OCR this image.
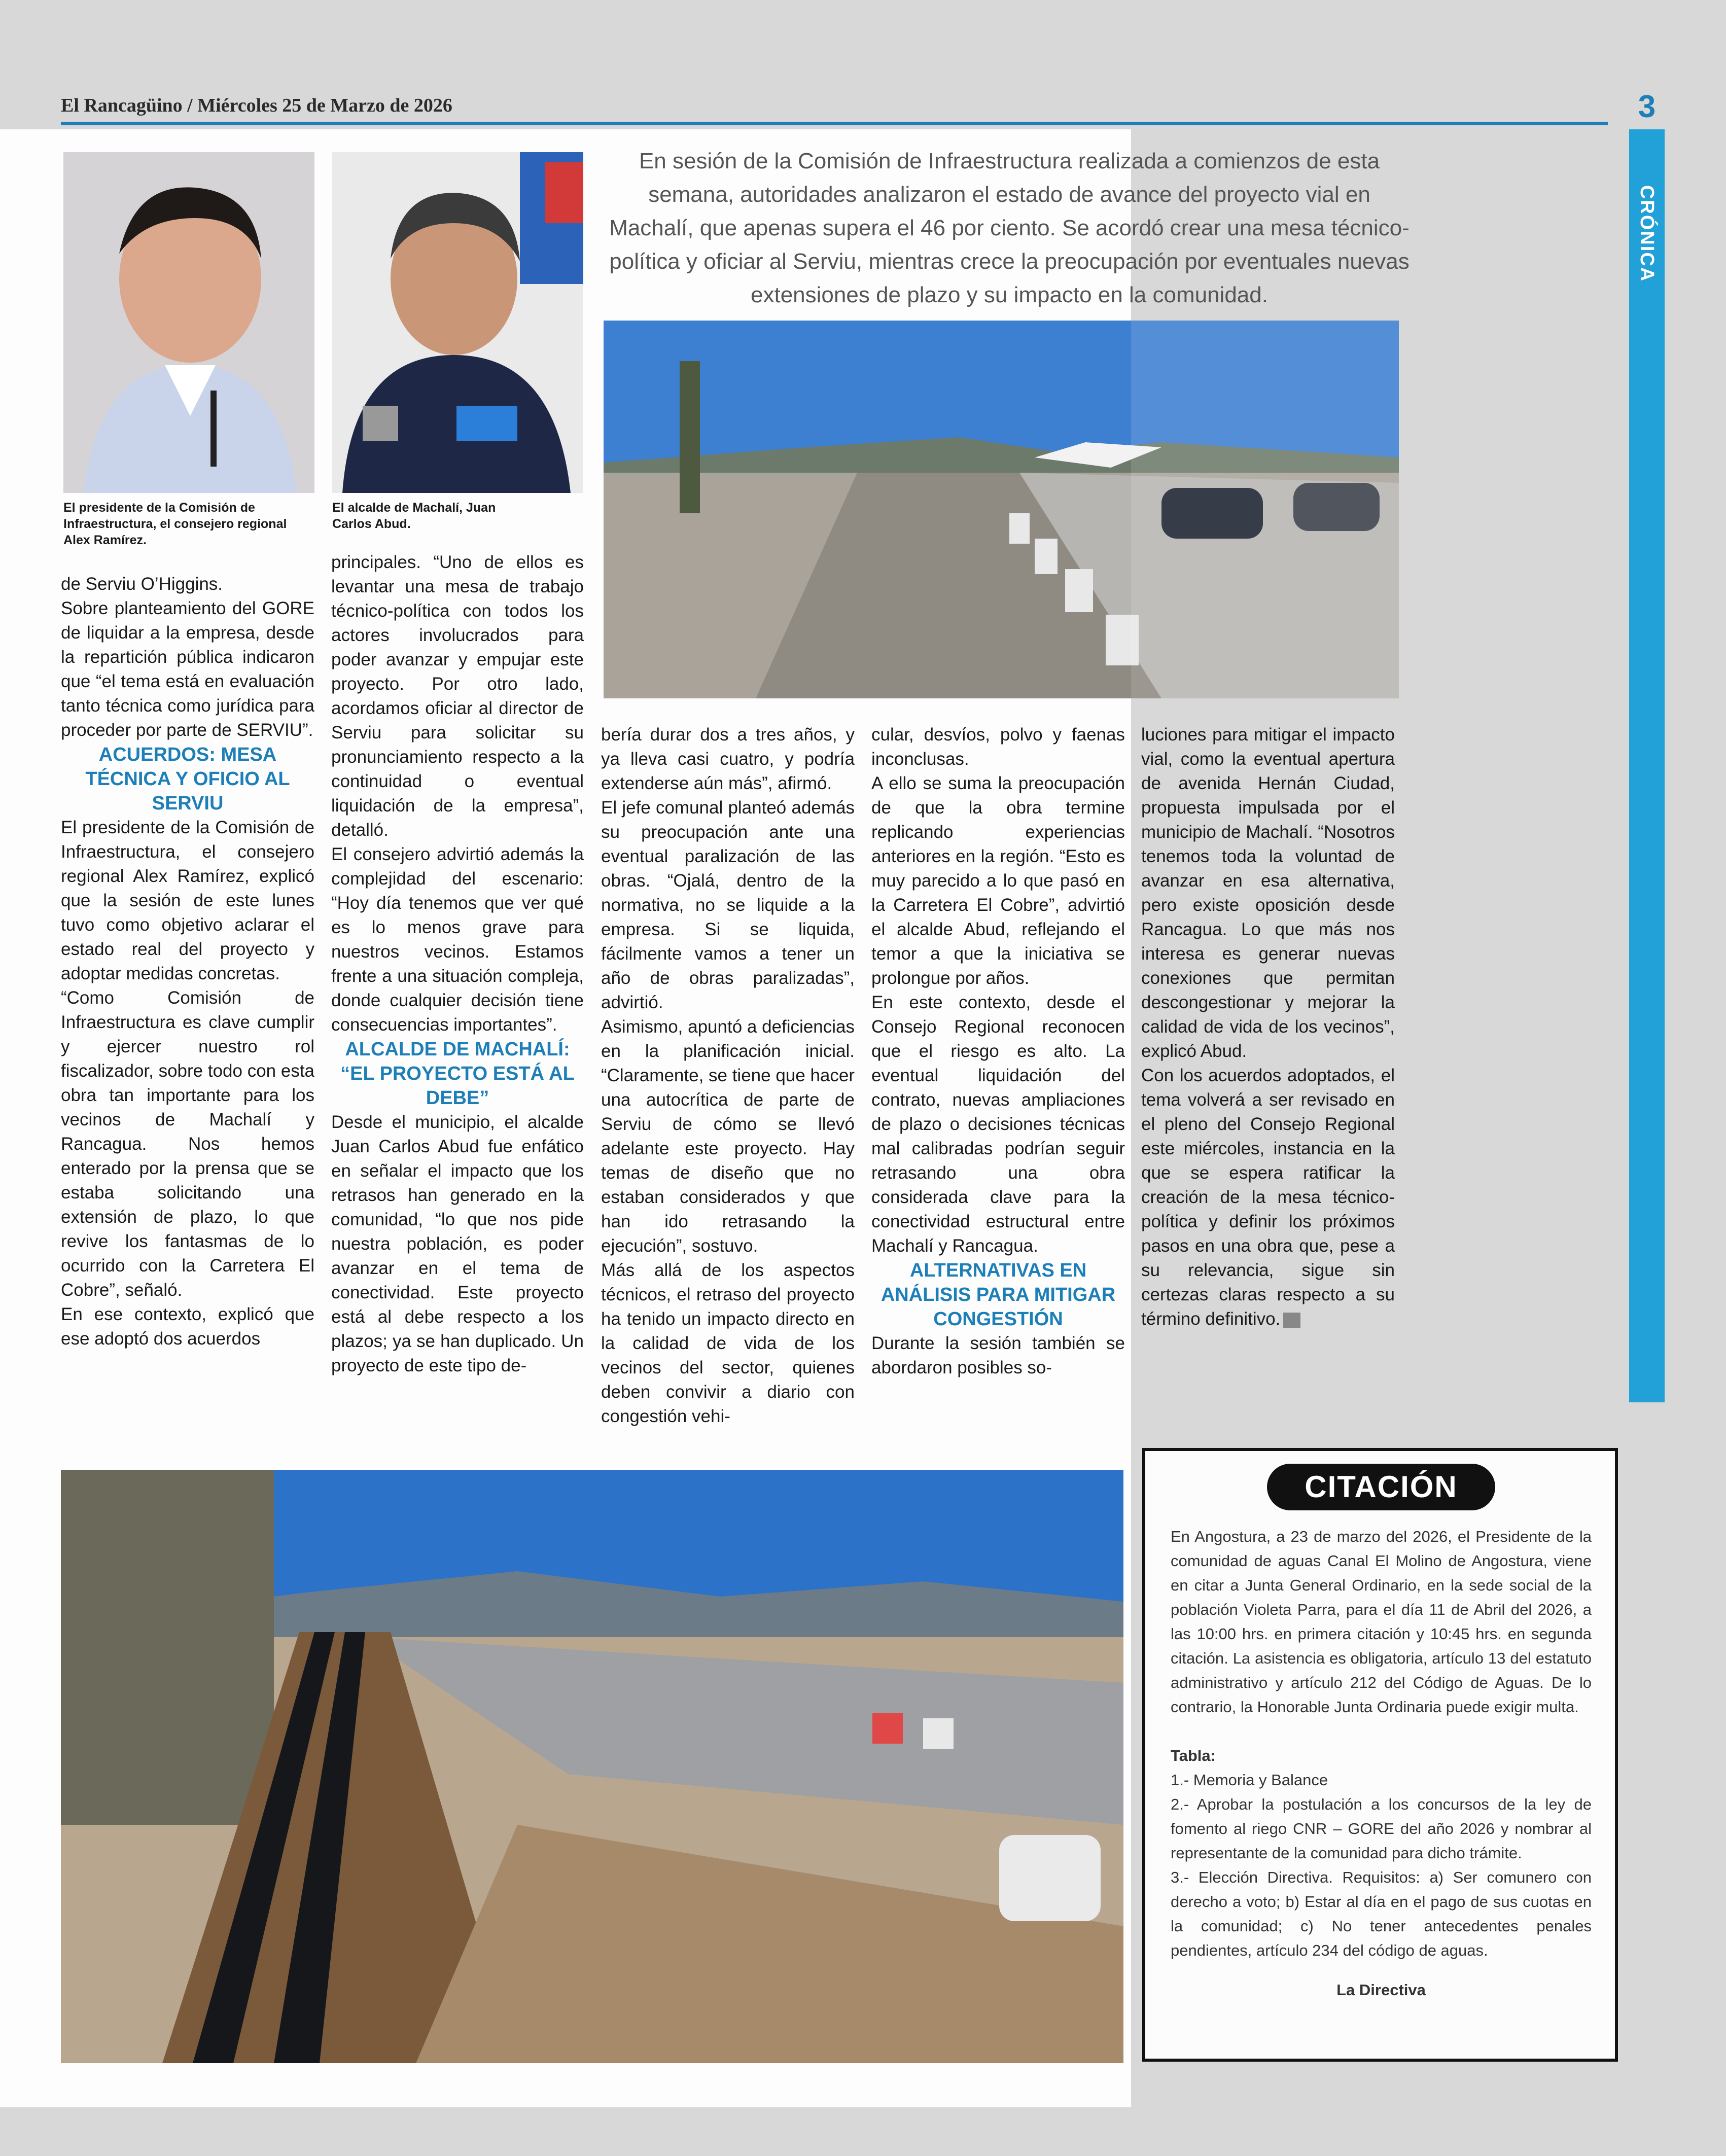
El Rancagüino / Miércoles 25 de Marzo de 2026	3
CRÓNICA
El presidente de la Comisión de Infraestructura, el consejero regional Alex Ramírez.
El alcalde de Machalí, Juan Carlos Abud.
En sesión de la Comisión de Infraestructura realizada a comienzos de esta semana, autoridades analizaron el estado de avance del proyecto vial en Machalí, que apenas supera el 46 por ciento. Se acordó crear una mesa técnico-política y oficiar al Serviu, mientras crece la preocupación por eventuales nuevas extensiones de plazo y su impacto en la comunidad.

de Serviu O’Higgins.

Sobre planteamiento del GORE de liquidar a la empresa, desde la repartición pública indicaron que “el tema está en evaluación tanto técnica como jurídica para proceder por parte de SERVIU”.

ACUERDOS: MESA TÉCNICA Y OFICIO AL SERVIU

El presidente de la Comisión de Infraestructura, el consejero regional Alex Ramírez, explicó que la sesión de este lunes tuvo como objetivo aclarar el estado real del proyecto y adoptar medidas concretas.

“Como Comisión de Infraestructura es clave cumplir y ejercer nuestro rol fiscalizador, sobre todo con esta obra tan importante para los vecinos de Machalí y Rancagua. Nos hemos enterado por la prensa que se estaba solicitando una extensión de plazo, lo que revive los fantasmas de lo ocurrido con la Carretera El Cobre”, señaló.

En ese contexto, explicó que ese adoptó dos acuerdos

principales. “Uno de ellos es levantar una mesa de trabajo técnico-política con todos los actores involucrados para poder avanzar y empujar este proyecto. Por otro lado, acordamos oficiar al director de Serviu para solicitar su pronunciamiento respecto a la continuidad o eventual liquidación de la empresa”, detalló.

El consejero advirtió además la complejidad del escenario: “Hoy día tenemos que ver qué es lo menos grave para nuestros vecinos. Estamos frente a una situación compleja, donde cualquier decisión tiene consecuencias importantes”.

ALCALDE DE MACHALÍ: “EL PROYECTO ESTÁ AL DEBE”

Desde el municipio, el alcalde Juan Carlos Abud fue enfático en señalar el impacto que los retrasos han generado en la comunidad, “lo que nos pide nuestra población, es poder avanzar en el tema de conectividad. Este proyecto está al debe respecto a los plazos; ya se han duplicado. Un proyecto de este tipo de-

bería durar dos a tres años, y ya lleva casi cuatro, y podría extenderse aún más”, afirmó.

El jefe comunal planteó además su preocupación ante una eventual paralización de las obras. “Ojalá, dentro de la normativa, no se liquide a la empresa. Si se liquida, fácilmente vamos a tener un año de obras paralizadas”, advirtió.

Asimismo, apuntó a deficiencias en la planificación inicial. “Claramente, se tiene que hacer una autocrítica de parte de Serviu de cómo se llevó adelante este proyecto. Hay temas de diseño que no estaban considerados y que han ido retrasando la ejecución”, sostuvo.

Más allá de los aspectos técnicos, el retraso del proyecto ha tenido un impacto directo en la calidad de vida de los vecinos del sector, quienes deben convivir a diario con congestión vehi-

cular, desvíos, polvo y faenas inconclusas.

A ello se suma la preocupación de que la obra termine replicando experiencias anteriores en la región. “Esto es muy parecido a lo que pasó en la Carretera El Cobre”, advirtió el alcalde Abud, reflejando el temor a que la iniciativa se prolongue por años.

En este contexto, desde el Consejo Regional reconocen que el riesgo es alto. La eventual liquidación del contrato, nuevas ampliaciones de plazo o decisiones técnicas mal calibradas podrían seguir retrasando una obra considerada clave para la conectividad estructural entre Machalí y Rancagua.

ALTERNATIVAS EN ANÁLISIS PARA MITIGAR CONGESTIÓN

Durante la sesión también se abordaron posibles so-

luciones para mitigar el impacto vial, como la eventual apertura de avenida Hernán Ciudad, propuesta impulsada por el municipio de Machalí. “Nosotros tenemos toda la voluntad de avanzar en esa alternativa, pero existe oposición desde Rancagua. Lo que más nos interesa es generar nuevas conexiones que permitan descongestionar y mejorar la calidad de vida de los vecinos”, explicó Abud.

Con los acuerdos adoptados, el tema volverá a ser revisado en el pleno del Consejo Regional este miércoles, instancia en la que se espera ratificar la creación de la mesa técnico-política y definir los próximos pasos en una obra que, pese a su relevancia, sigue sin certezas claras respecto a su término definitivo.

CITACIÓN

En Angostura, a 23 de marzo del 2026, el Presidente de la comunidad de aguas Canal El Molino de Angostura, viene en citar a Junta General Ordinario, en la sede social de la población Violeta Parra, para el día 11 de Abril del 2026, a las 10:00 hrs. en primera citación y 10:45 hrs. en segunda citación. La asistencia es obligatoria, artículo 13 del estatuto administrativo y artículo 212 del Código de Aguas. De lo contrario, la Honorable Junta Ordinaria puede exigir multa.

Tabla:

1.- Memoria y Balance

2.- Aprobar la postulación a los concursos de la ley de fomento al riego CNR – GORE del año 2026 y nombrar al representante de la comunidad para dicho trámite.

3.- Elección Directiva. Requisitos: a) Ser comunero con derecho a voto; b) Estar al día en el pago de sus cuotas en la comunidad; c) No tener antecedentes penales pendientes, artículo 234 del código de aguas.

La Directiva
